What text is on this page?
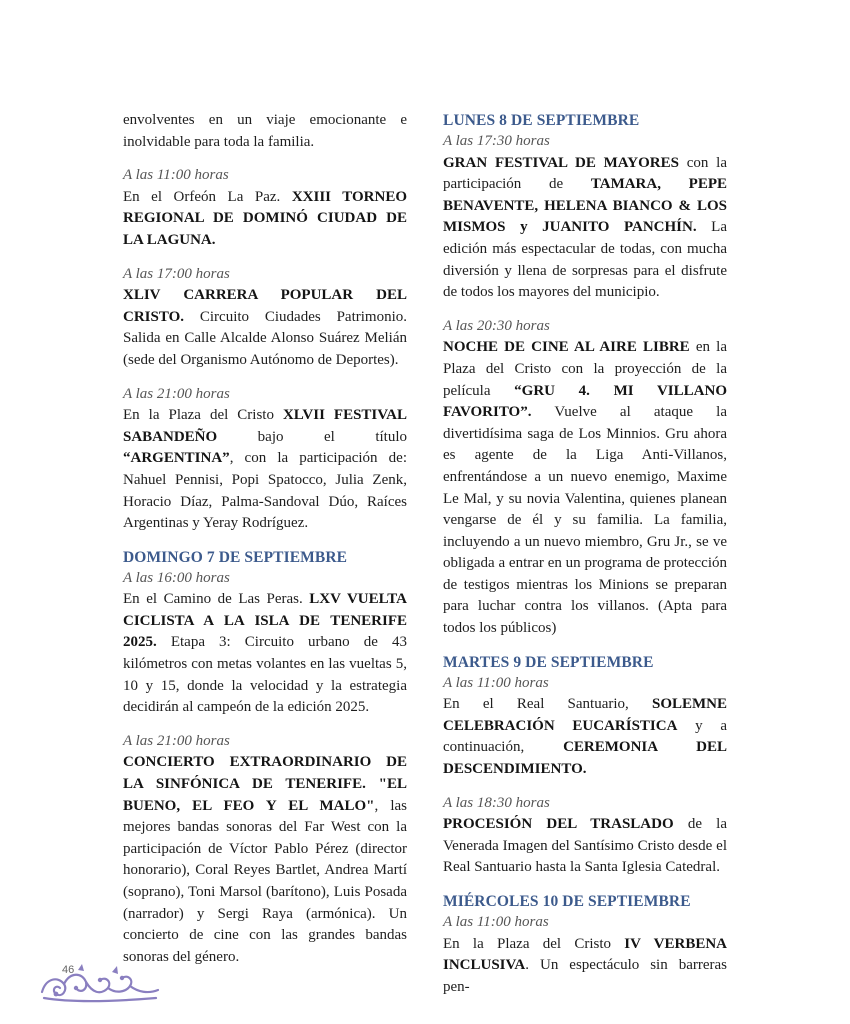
envolventes en un viaje emocionante e inolvidable para toda la familia.

A las 11:00 horas

En el Orfeón La Paz. XXIII TORNEO REGIONAL DE DOMINÓ CIUDAD DE LA LAGUNA.

A las 17:00 horas

XLIV CARRERA POPULAR DEL CRISTO. Circuito Ciudades Patrimonio. Salida en Calle Alcalde Alonso Suárez Melián (sede del Organismo Autónomo de Deportes).

A las 21:00 horas

En la Plaza del Cristo XLVII FESTIVAL SABANDEÑO bajo el título “ARGENTINA”, con la participación de: Nahuel Pennisi, Popi Spatocco, Julia Zenk, Horacio Díaz, Palma-Sandoval Dúo, Raíces Argentinas y Yeray Rodríguez.

DOMINGO 7 DE SEPTIEMBRE

A las 16:00 horas

En el Camino de Las Peras. LXV VUELTA CICLISTA A LA ISLA DE TENERIFE 2025. Etapa 3: Circuito urbano de 43 kilómetros con metas volantes en las vueltas 5, 10 y 15, donde la velocidad y la estrategia decidirán al campeón de la edición 2025.

A las 21:00 horas

CONCIERTO EXTRAORDINARIO DE LA SINFÓNICA DE TENERIFE. "EL BUENO, EL FEO Y EL MALO", las mejores bandas sonoras del Far West con la participación de Víctor Pablo Pérez (director honorario), Coral Reyes Bartlet, Andrea Martí (soprano), Toni Marsol (barítono), Luis Posada (narrador) y Sergi Raya (armónica). Un concierto de cine con las grandes bandas sonoras del género.

LUNES 8 DE SEPTIEMBRE

A las 17:30 horas

GRAN FESTIVAL DE MAYORES con la participación de TAMARA, PEPE BENAVENTE, HELENA BIANCO & LOS MISMOS y JUANITO PANCHÍN. La edición más espectacular de todas, con mucha diversión y llena de sorpresas para el disfrute de todos los mayores del municipio.

A las 20:30 horas

NOCHE DE CINE AL AIRE LIBRE en la Plaza del Cristo con la proyección de la película “GRU 4. MI VILLANO FAVORITO”. Vuelve al ataque la divertidísima saga de Los Minnios. Gru ahora es agente de la Liga Anti-Villanos, enfrentándose a un nuevo enemigo, Maxime Le Mal, y su novia Valentina, quienes planean vengarse de él y su familia. La familia, incluyendo a un nuevo miembro, Gru Jr., se ve obligada a entrar en un programa de protección de testigos mientras los Minions se preparan para luchar contra los villanos. (Apta para todos los públicos)

MARTES 9 DE SEPTIEMBRE

A las 11:00 horas

En el Real Santuario, SOLEMNE CELEBRACIÓN EUCARÍSTICA y a continuación, CEREMONIA DEL DESCENDIMIENTO.

A las 18:30 horas

PROCESIÓN DEL TRASLADO de la Venerada Imagen del Santísimo Cristo desde el Real Santuario hasta la Santa Iglesia Catedral.

MIÉRCOLES 10 DE SEPTIEMBRE

A las 11:00 horas

En la Plaza del Cristo IV VERBENA INCLUSIVA. Un espectáculo sin barreras pen-

46
